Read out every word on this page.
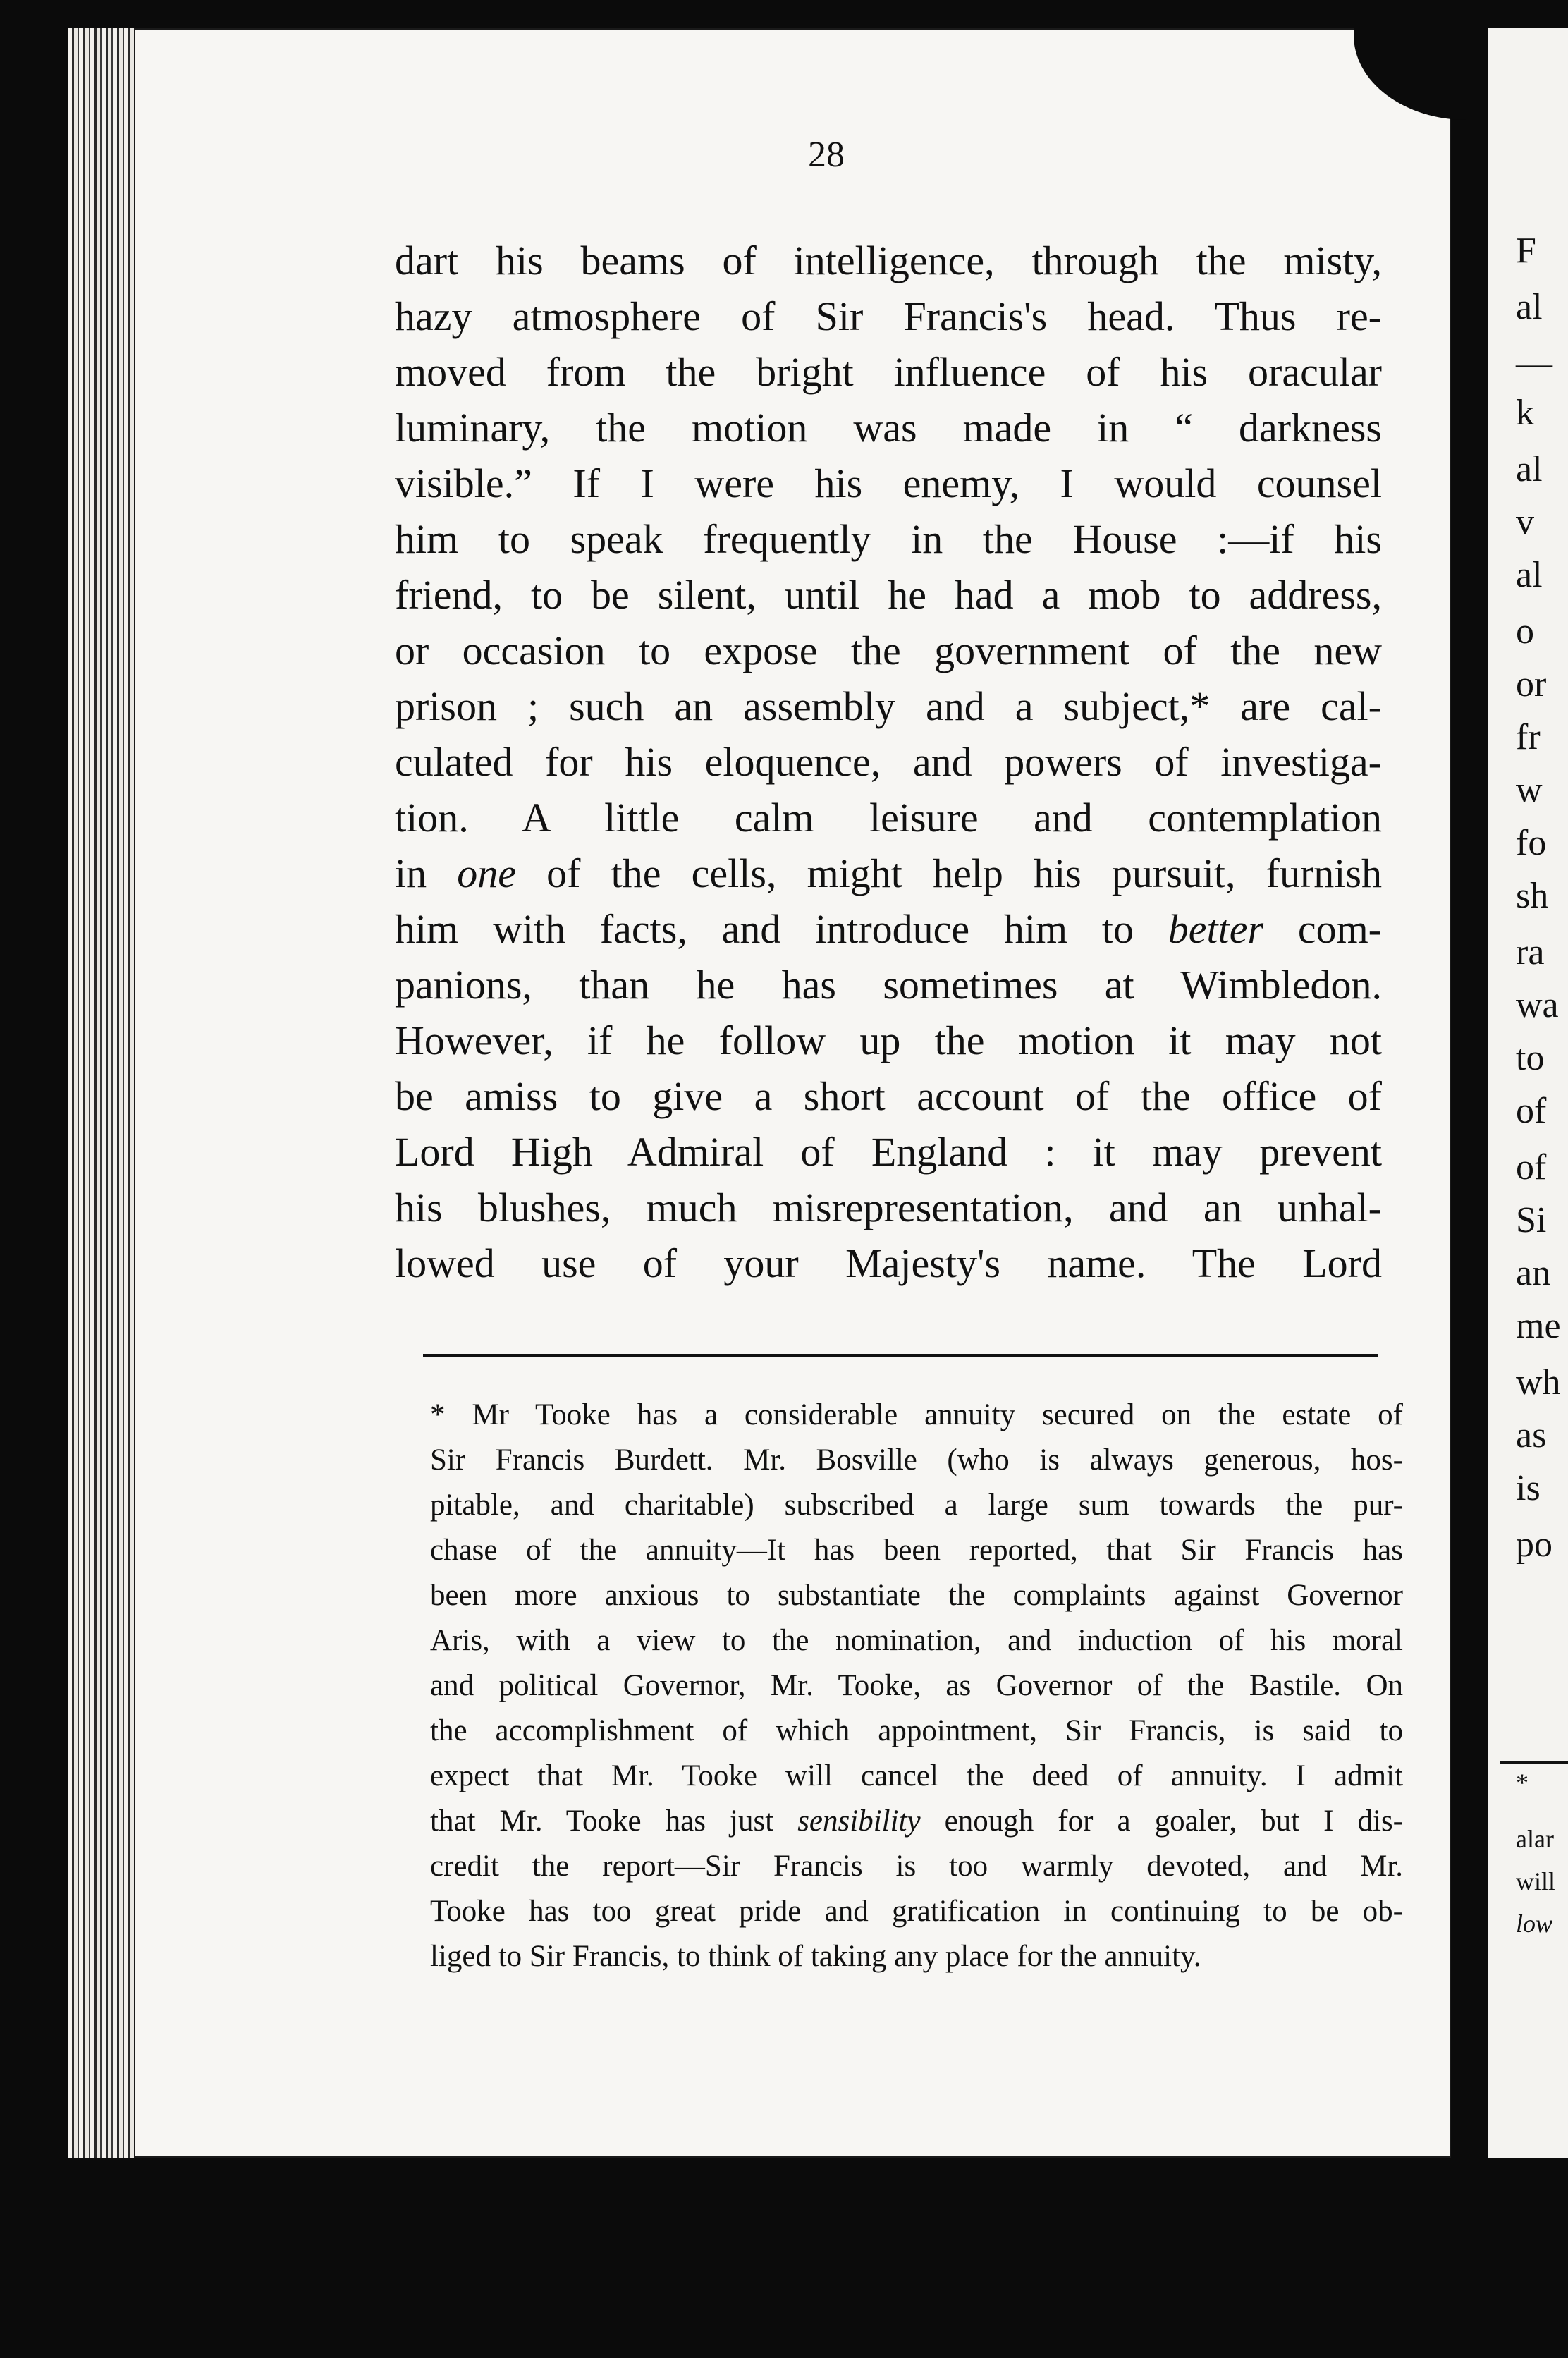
28
dart his beams of intelligence, through the misty,
hazy atmosphere of Sir Francis's head. Thus re-
moved from the bright influence of his oracular
luminary, the motion was made in “ darkness
visible.” If I were his enemy, I would counsel
him to speak frequently in the House :—if his
friend, to be silent, until he had a mob to address,
or occasion to expose the government of the new
prison ; such an assembly and a subject,* are cal-
culated for his eloquence, and powers of investiga-
tion. A little calm leisure and contemplation
in one of the cells, might help his pursuit, furnish
him with facts, and introduce him to better com-
panions, than he has sometimes at Wimbledon.
However, if he follow up the motion it may not
be amiss to give a short account of the office of
Lord High Admiral of England : it may prevent
his blushes, much misrepresentation, and an unhal-
lowed use of your Majesty's name. The Lord
* Mr Tooke has a considerable annuity secured on the estate of
Sir Francis Burdett. Mr. Bosville (who is always generous, hos-
pitable, and charitable) subscribed a large sum towards the pur-
chase of the annuity—It has been reported, that Sir Francis has
been more anxious to substantiate the complaints against Governor
Aris, with a view to the nomination, and induction of his moral
and political Governor, Mr. Tooke, as Governor of the Bastile. On
the accomplishment of which appointment, Sir Francis, is said to
expect that Mr. Tooke will cancel the deed of annuity. I admit
that Mr. Tooke has just sensibility enough for a goaler, but I dis-
credit the report—Sir Francis is too warmly devoted, and Mr.
Tooke has too great pride and gratification in continuing to be ob-
liged to Sir Francis, to think of taking any place for the annuity.
F
al
—
k
al
v
al
o
or
fr
w
fo
sh
ra
wa
to
of
of
Si
an
me
wh
as
is
po
*
alar
will
low
